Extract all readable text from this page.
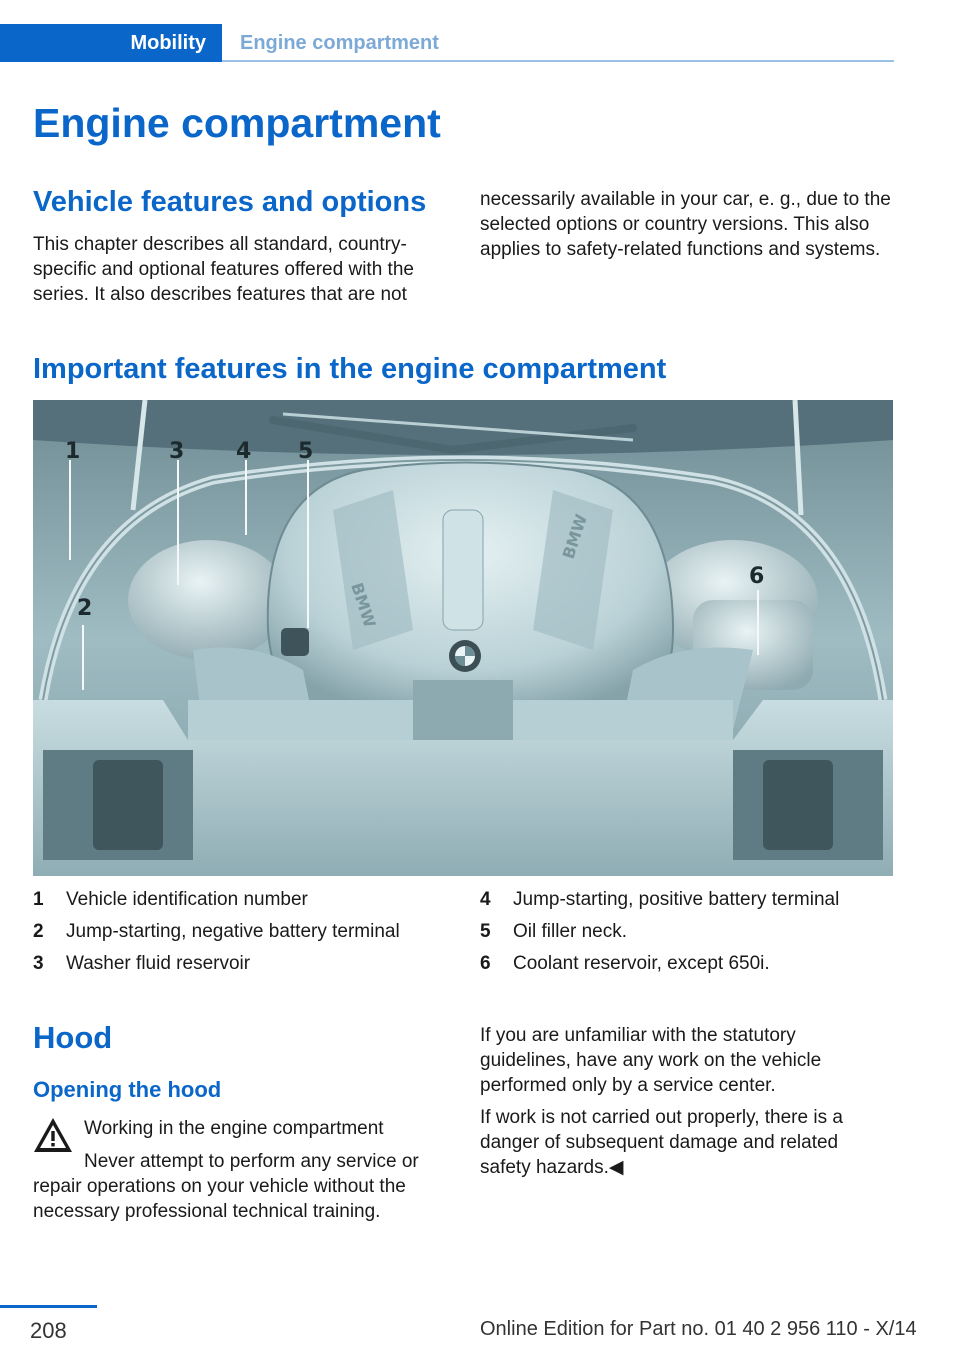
Mobility Engine compartment
Engine compartment
Vehicle features and options
This chapter describes all standard, country-specific and optional features offered with the series. It also describes features that are not
necessarily available in your car, e. g., due to the selected options or country versions. This also applies to safety-related functions and systems.
Important features in the engine compartment
BMW
BMW
1
2
3 4 5
6
1	Vehicle identification number
2	Jump-starting, negative battery terminal
3	Washer fluid reservoir
4	Jump-starting, positive battery terminal
5	Oil filler neck.
6	Coolant reservoir, except 650i.
Hood
Opening the hood
Working in the engine compartment
Never attempt to perform any service or repair operations on your vehicle without the necessary professional technical training.
If you are unfamiliar with the statutory guidelines, have any work on the vehicle performed only by a service center.
If work is not carried out properly, there is a danger of subsequent damage and related safety hazards.◀
208	Online Edition for Part no. 01 40 2 956 110 - X/14
